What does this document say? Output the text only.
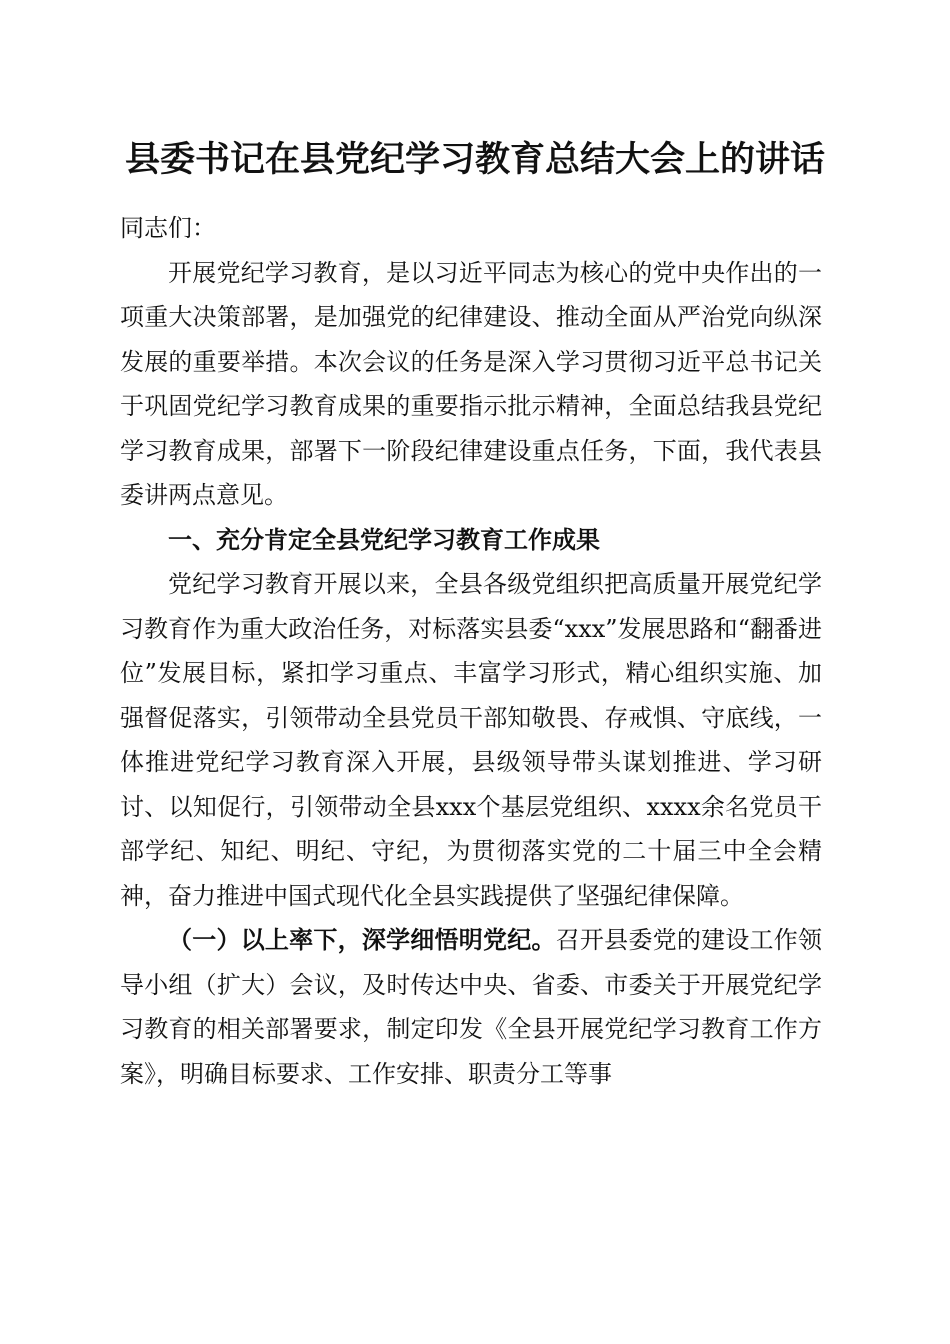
县委书记在县党纪学习教育总结大会上的讲话

同志们：

开展党纪学习教育，是以习近平同志为核心的党中央作出的一项重大决策部署，是加强党的纪律建设、推动全面从严治党向纵深发展的重要举措。本次会议的任务是深入学习贯彻习近平总书记关于巩固党纪学习教育成果的重要指示批示精神，全面总结我县党纪学习教育成果，部署下一阶段纪律建设重点任务，下面，我代表县委讲两点意见。

一、充分肯定全县党纪学习教育工作成果

党纪学习教育开展以来，全县各级党组织把高质量开展党纪学习教育作为重大政治任务，对标落实县委“xxx”发展思路和“翻番进位”发展目标，紧扣学习重点、丰富学习形式，精心组织实施、加强督促落实，引领带动全县党员干部知敬畏、存戒惧、守底线，一体推进党纪学习教育深入开展，县级领导带头谋划推进、学习研讨、以知促行，引领带动全县xxx个基层党组织、xxxx余名党员干部学纪、知纪、明纪、守纪，为贯彻落实党的二十届三中全会精神，奋力推进中国式现代化全县实践提供了坚强纪律保障。

（一）以上率下，深学细悟明党纪。召开县委党的建设工作领导小组（扩大）会议，及时传达中央、省委、市委关于开展党纪学习教育的相关部署要求，制定印发《全县开展党纪学习教育工作方案》，明确目标要求、工作安排、职责分工等事
